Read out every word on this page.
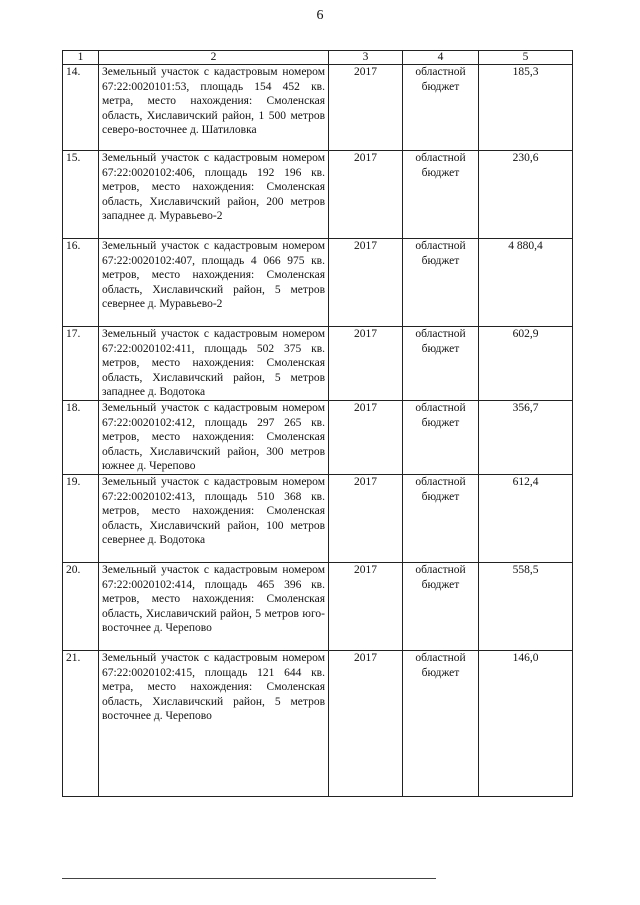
6
1	2	3	4	5
14.	Земельный участок с кадастровым номером 67:22:0020101:53, площадь 154 452 кв. метра, место нахождения: Смоленская область, Хиславичский район, 1 500 метров северо-восточнее д. Шатиловка	2017	областной бюджет	185,3
15.	Земельный участок с кадастровым номером 67:22:0020102:406, площадь 192 196 кв. метров, место нахождения: Смоленская область, Хиславичский район, 200 метров западнее д. Муравьево-2	2017	областной бюджет	230,6
16.	Земельный участок с кадастровым номером 67:22:0020102:407, площадь 4 066 975 кв. метров, место нахождения: Смоленская область, Хиславичский район, 5 метров севернее д. Муравьево-2	2017	областной бюджет	4 880,4
17.	Земельный участок с кадастровым номером 67:22:0020102:411, площадь 502 375 кв. метров, место нахождения: Смоленская область, Хиславичский район, 5 метров западнее д. Водотока	2017	областной бюджет	602,9
18.	Земельный участок с кадастровым номером 67:22:0020102:412, площадь 297 265 кв. метров, место нахождения: Смоленская область, Хиславичский район, 300 метров южнее д. Черепово	2017	областной бюджет	356,7
19.	Земельный участок с кадастровым номером 67:22:0020102:413, площадь 510 368 кв. метров, место нахождения: Смоленская область, Хиславичский район, 100 метров севернее д. Водотока	2017	областной бюджет	612,4
20.	Земельный участок с кадастровым номером 67:22:0020102:414, площадь 465 396 кв. метров, место нахождения: Смоленская область, Хиславичский район, 5 метров юго-восточнее д. Черепово	2017	областной бюджет	558,5
21.	Земельный участок с кадастровым номером 67:22:0020102:415, площадь 121 644 кв. метра, место нахождения: Смоленская область, Хиславичский район, 5 метров восточнее д. Черепово	2017	областной бюджет	146,0
